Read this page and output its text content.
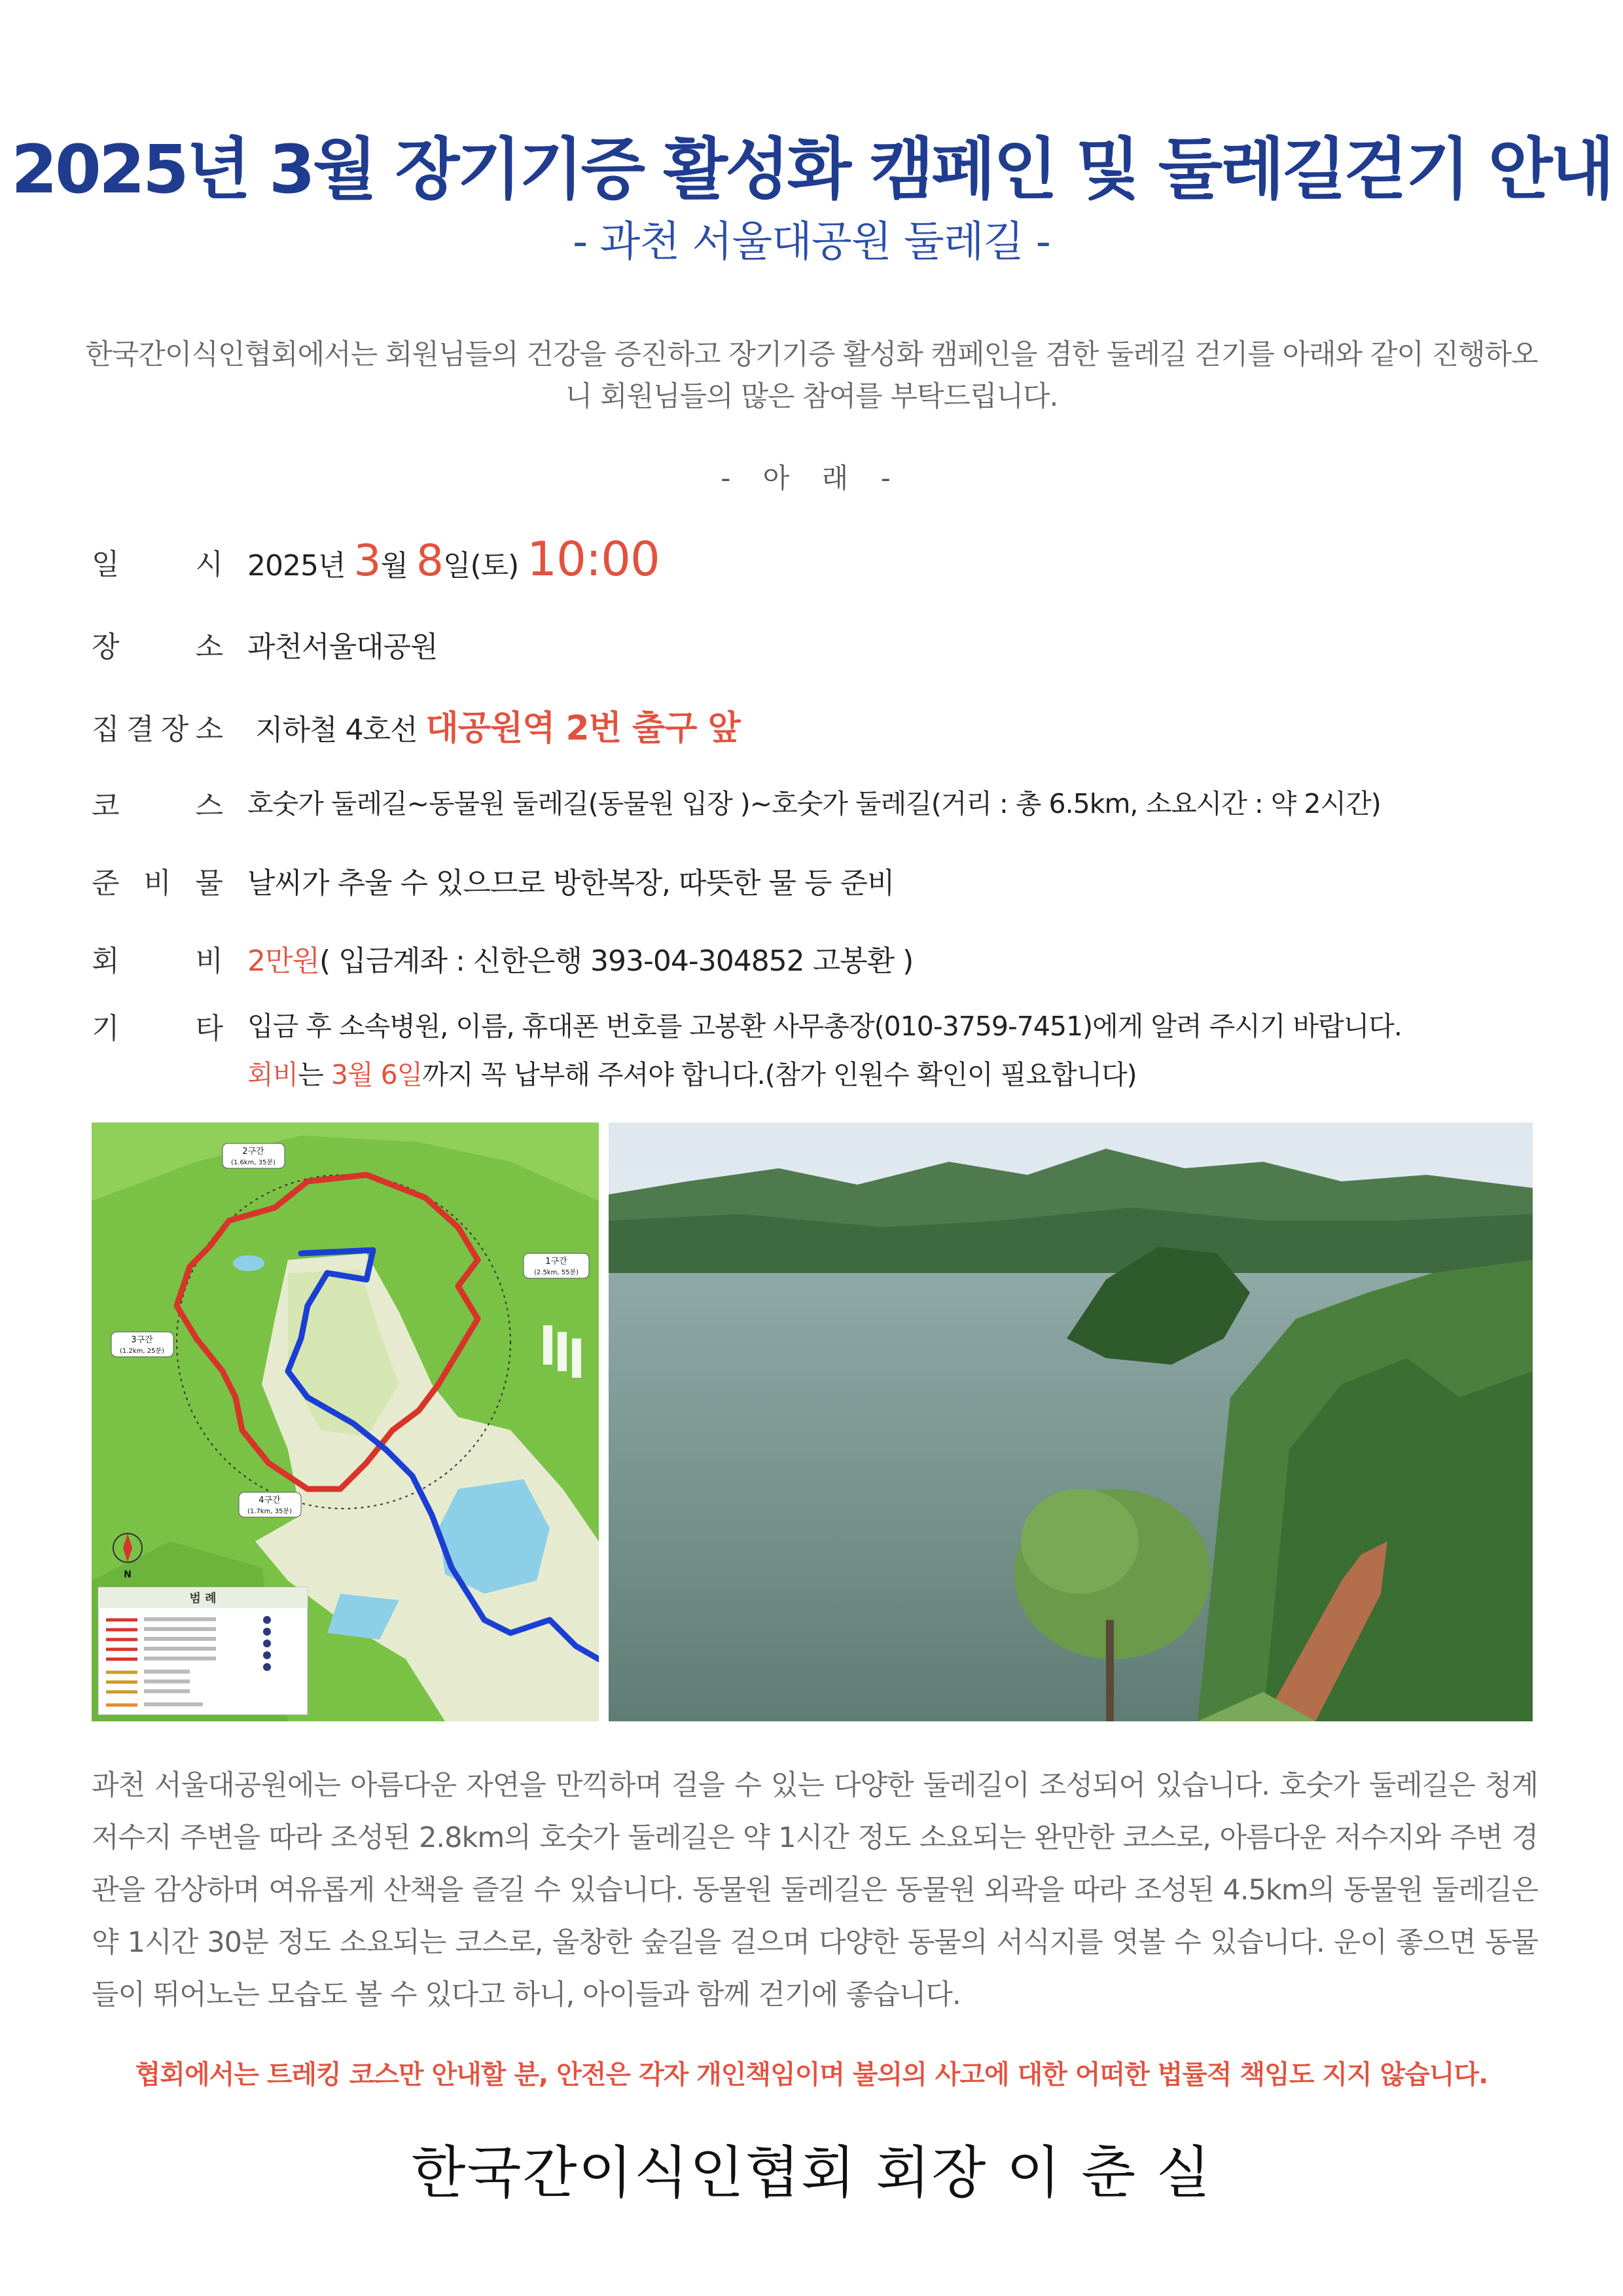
2025년 3월 장기기증 활성화 캠페인 및 둘레길걷기 안내
- 과천 서울대공원 둘레길 -
한국간이식인협회에서는 회원님들의 건강을 증진하고 장기기증 활성화 캠페인을 겸한 둘레길 걷기를 아래와 같이 진행하오니 회원님들의 많은 참여를 부탁드립니다.
- 아 래 -
일	시 2025년 3월 8일(토) 10:00
장	소 과천서울대공원
집 결 장 소 지하철 4호선 대공원역 2번 출구 앞
코	스 호숫가 둘레길~동물원 둘레길(동물원 입장 )~호숫가 둘레길(거리 : 총 6.5km, 소요시간 : 약 2시간)
준 비 물 날씨가 추울 수 있으므로 방한복장, 따뜻한 물 등 준비
회	비 2만원( 입금계좌 : 신한은행 393-04-304852 고봉환 )
기	타 입금 후 소속병원, 이름, 휴대폰 번호를 고봉환 사무총장(010-3759-7451)에게 알려 주시기 바랍니다.
회비는 3월 6일까지 꼭 납부해 주셔야 합니다.(참가 인원수 확인이 필요합니다)
2구간
(1.6km, 35분)
1구간
(2.5km, 55분)
3구간
(1.2km, 25분)
4구간
(1.7km, 35분)
N
범 례
과천 서울대공원에는 아름다운 자연을 만끽하며 걸을 수 있는 다양한 둘레길이 조성되어 있습니다. 호숫가 둘레길은 청계 저수지 주변을 따라 조성된 2.8km의 호숫가 둘레길은 약 1시간 정도 소요되는 완만한 코스로, 아름다운 저수지와 주변 경관을 감상하며 여유롭게 산책을 즐길 수 있습니다. 동물원 둘레길은 동물원 외곽을 따라 조성된 4.5km의 동물원 둘레길은 약 1시간 30분 정도 소요되는 코스로, 울창한 숲길을 걸으며 다양한 동물의 서식지를 엿볼 수 있습니다. 운이 좋으면 동물들이 뛰어노는 모습도 볼 수 있다고 하니, 아이들과 함께 걷기에 좋습니다.
협회에서는 트레킹 코스만 안내할 분, 안전은 각자 개인책임이며 불의의 사고에 대한 어떠한 법률적 책임도 지지 않습니다.
한국간이식인협회 회장 이 춘 실
